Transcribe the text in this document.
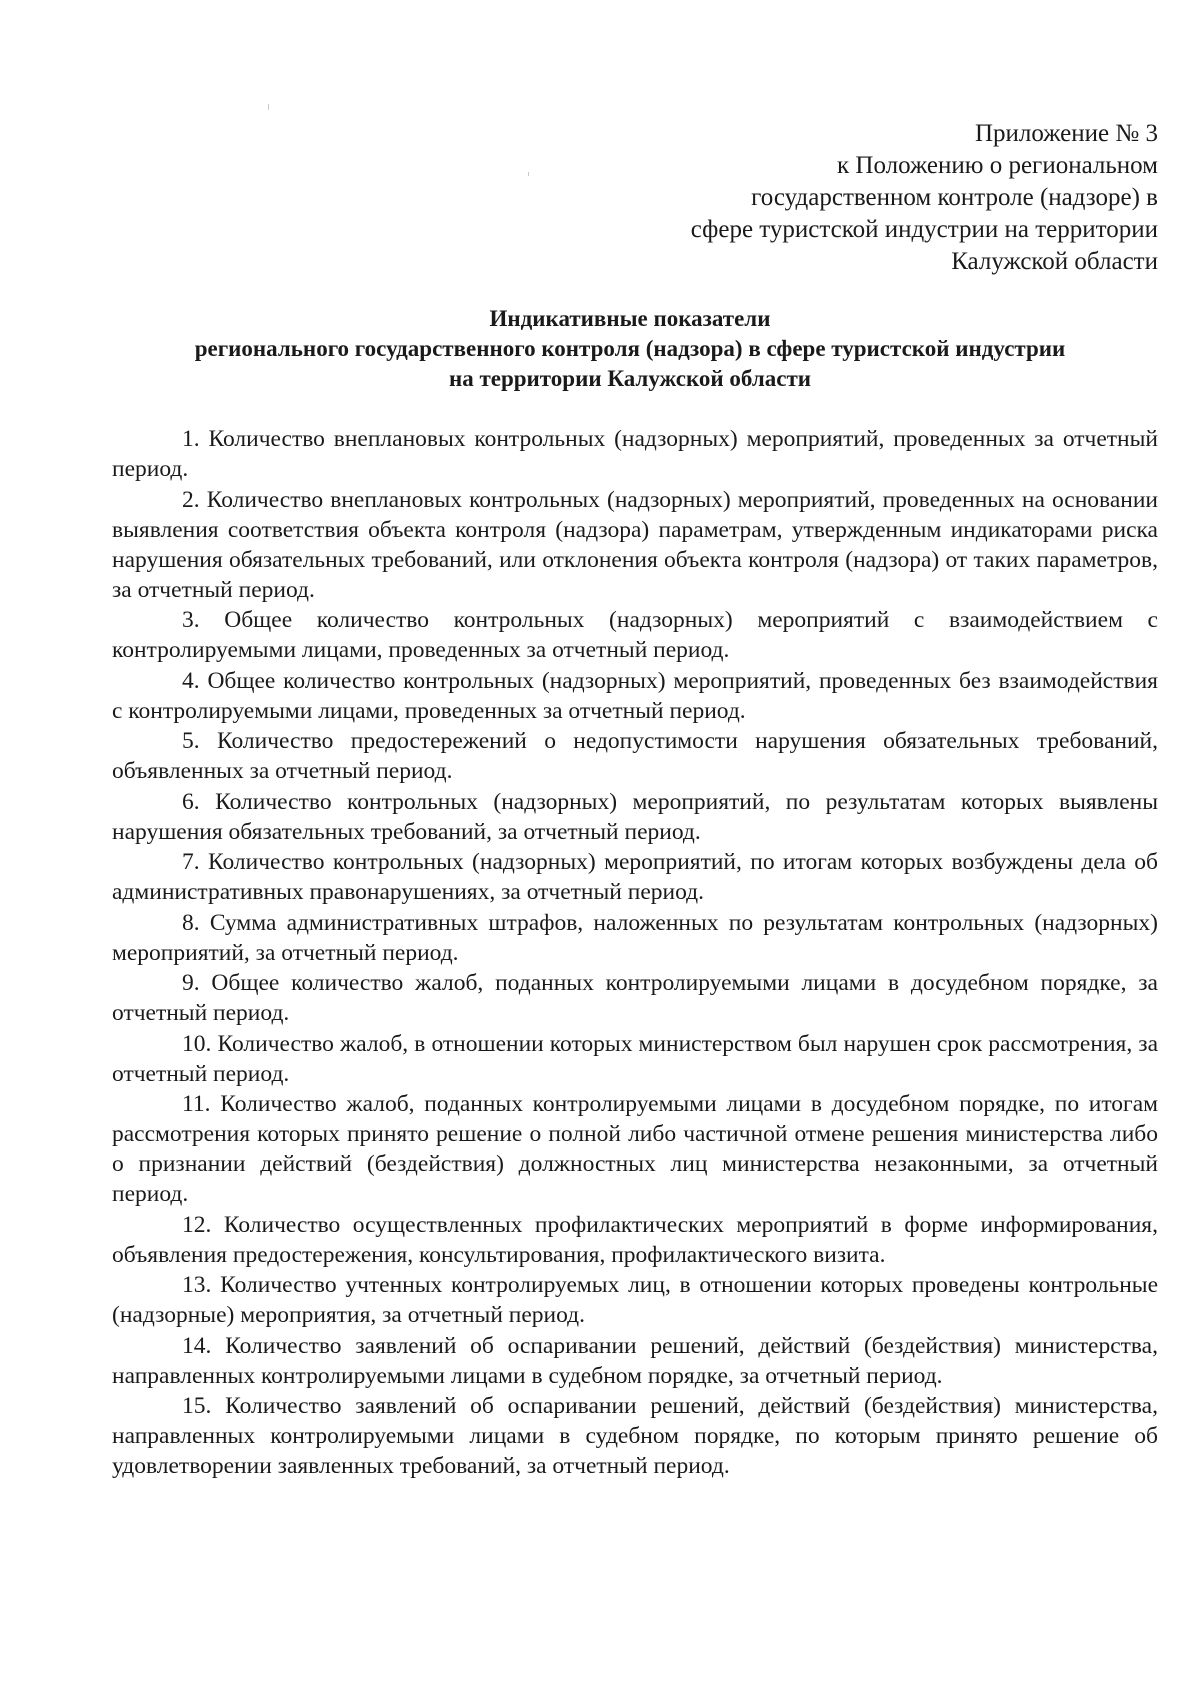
Приложение № 3
к Положению о региональном
государственном контроле (надзоре) в
сфере туристской индустрии на территории
Калужской области
Индикативные показатели
регионального государственного контроля (надзора) в сфере туристской индустрии
на территории Калужской области

1. Количество внеплановых контрольных (надзорных) мероприятий, проведенных за отчетный период.

2. Количество внеплановых контрольных (надзорных) мероприятий, проведенных на основании выявления соответствия объекта контроля (надзора) параметрам, утвержденным индикаторами риска нарушения обязательных требований, или отклонения объекта контроля (надзора) от таких параметров, за отчетный период.

3. Общее количество контрольных (надзорных) мероприятий с взаимодействием с контролируемыми лицами, проведенных за отчетный период.

4. Общее количество контрольных (надзорных) мероприятий, проведенных без взаимодействия с контролируемыми лицами, проведенных за отчетный период.

5. Количество предостережений о недопустимости нарушения обязательных требований, объявленных за отчетный период.

6. Количество контрольных (надзорных) мероприятий, по результатам которых выявлены нарушения обязательных требований, за отчетный период.

7. Количество контрольных (надзорных) мероприятий, по итогам которых возбуждены дела об административных правонарушениях, за отчетный период.

8. Сумма административных штрафов, наложенных по результатам контрольных (надзорных) мероприятий, за отчетный период.

9. Общее количество жалоб, поданных контролируемыми лицами в досудебном порядке, за отчетный период.

10. Количество жалоб, в отношении которых министерством был нарушен срок рассмотрения, за отчетный период.

11. Количество жалоб, поданных контролируемыми лицами в досудебном порядке, по итогам рассмотрения которых принято решение о полной либо частичной отмене решения министерства либо о признании действий (бездействия) должностных лиц министерства незаконными, за отчетный период.

12. Количество осуществленных профилактических мероприятий в форме информирования, объявления предостережения, консультирования, профилактического визита.

13. Количество учтенных контролируемых лиц, в отношении которых проведены контрольные (надзорные) мероприятия, за отчетный период.

14. Количество заявлений об оспаривании решений, действий (бездействия) министерства, направленных контролируемыми лицами в судебном порядке, за отчетный период.

15. Количество заявлений об оспаривании решений, действий (бездействия) министерства, направленных контролируемыми лицами в судебном порядке, по которым принято решение об удовлетворении заявленных требований, за отчетный период.
